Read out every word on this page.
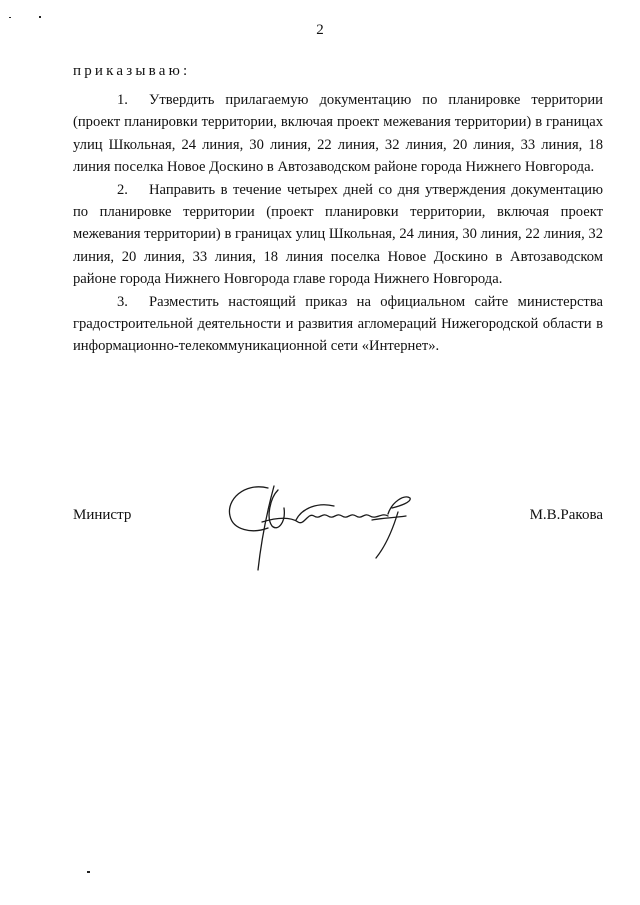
2
приказываю:

1. Утвердить прилагаемую документацию по планировке территории (проект планировки территории, включая проект межевания территории) в границах улиц Школьная, 24 линия, 30 линия, 22 линия, 32 линия, 20 линия, 33 линия, 18 линия поселка Новое Доскино в Автозаводском районе города Нижнего Новгорода.

2. Направить в течение четырех дней со дня утверждения документацию по планировке территории (проект планировки территории, включая проект межевания территории) в границах улиц Школьная, 24 линия, 30 линия, 22 линия, 32 линия, 20 линия, 33 линия, 18 линия поселка Новое Доскино в Автозаводском районе города Нижнего Новгорода главе города Нижнего Новгорода.

3. Разместить настоящий приказ на официальном сайте министерства градостроительной деятельности и развития агломераций Нижегородской области в информационно-телекоммуникационной сети «Интернет».

Министр	М.В.Ракова
